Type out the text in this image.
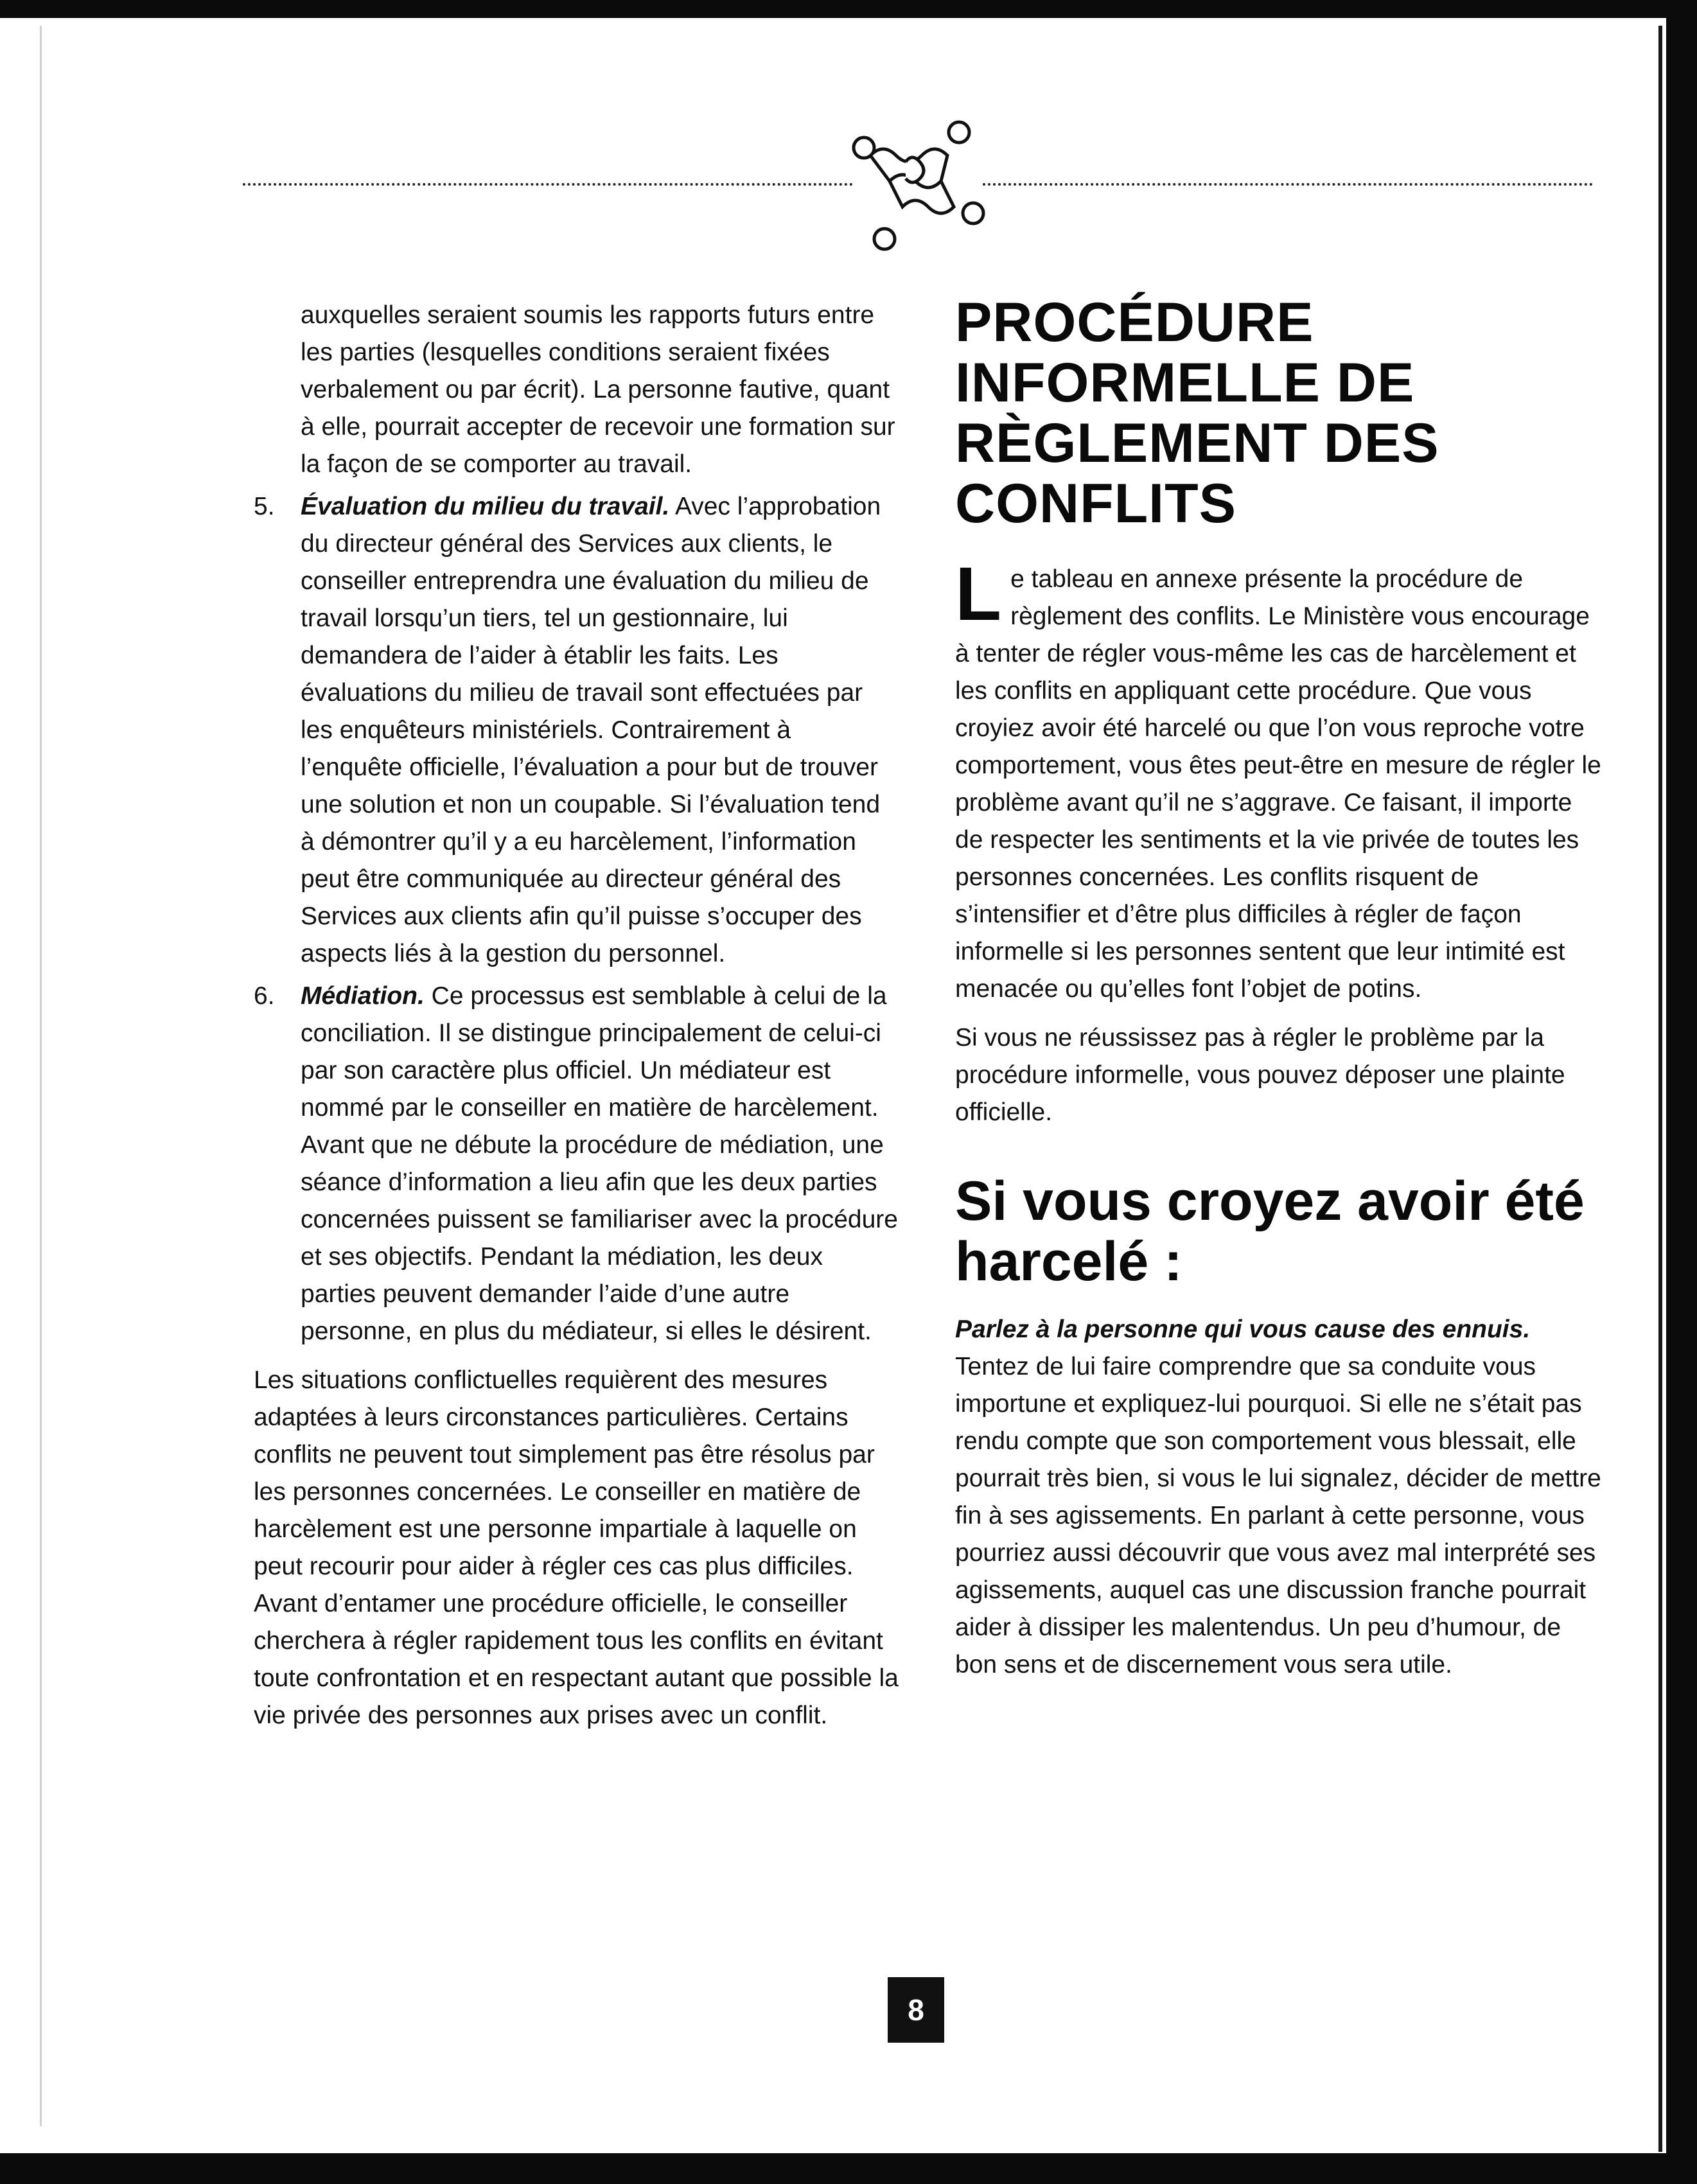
auxquelles seraient soumis les rapports futurs entre les parties (lesquelles conditions seraient fixées verbalement ou par écrit). La personne fautive, quant à elle, pourrait accepter de recevoir une formation sur la façon de se comporter au travail.

5. Évaluation du milieu du travail. Avec l’approbation du directeur général des Services aux clients, le conseiller entreprendra une évaluation du milieu de travail lorsqu’un tiers, tel un gestionnaire, lui demandera de l’aider à établir les faits. Les évaluations du milieu de travail sont effectuées par les enquêteurs ministériels. Contrairement à l’enquête officielle, l’évaluation a pour but de trouver une solution et non un coupable. Si l’évaluation tend à démontrer qu’il y a eu harcèlement, l’information peut être communiquée au directeur général des Services aux clients afin qu’il puisse s’occuper des aspects liés à la gestion du personnel.
6. Médiation. Ce processus est semblable à celui de la conciliation. Il se distingue principalement de celui-ci par son caractère plus officiel. Un médiateur est nommé par le conseiller en matière de harcèlement. Avant que ne débute la procédure de médiation, une séance d’information a lieu afin que les deux parties concernées puissent se familiariser avec la procédure et ses objectifs. Pendant la médiation, les deux parties peuvent demander l’aide d’une autre personne, en plus du médiateur, si elles le désirent.

Les situations conflictuelles requièrent des mesures adaptées à leurs circonstances particulières. Certains conflits ne peuvent tout simplement pas être résolus par les personnes concernées. Le conseiller en matière de harcèlement est une personne impartiale à laquelle on peut recourir pour aider à régler ces cas plus difficiles. Avant d’entamer une procédure officielle, le conseiller cherchera à régler rapidement tous les conflits en évitant toute confrontation et en respectant autant que possible la vie privée des personnes aux prises avec un conflit.

PROCÉDURE INFORMELLE DE RÈGLEMENT DES CONFLITS

Le tableau en annexe présente la procédure de règlement des conflits. Le Ministère vous encourage à tenter de régler vous-même les cas de harcèlement et les conflits en appliquant cette procédure. Que vous croyiez avoir été harcelé ou que l’on vous reproche votre comportement, vous êtes peut-être en mesure de régler le problème avant qu’il ne s’aggrave. Ce faisant, il importe de respecter les sentiments et la vie privée de toutes les personnes concernées. Les conflits risquent de s’intensifier et d’être plus difficiles à régler de façon informelle si les personnes sentent que leur intimité est menacée ou qu’elles font l’objet de potins.

Si vous ne réussissez pas à régler le problème par la procédure informelle, vous pouvez déposer une plainte officielle.

Si vous croyez avoir été harcelé :

Parlez à la personne qui vous cause des ennuis. Tentez de lui faire comprendre que sa conduite vous importune et expliquez-lui pourquoi. Si elle ne s’était pas rendu compte que son comportement vous blessait, elle pourrait très bien, si vous le lui signalez, décider de mettre fin à ses agissements. En parlant à cette personne, vous pourriez aussi découvrir que vous avez mal interprété ses agissements, auquel cas une discussion franche pourrait aider à dissiper les malentendus. Un peu d’humour, de bon sens et de discernement vous sera utile.

8
